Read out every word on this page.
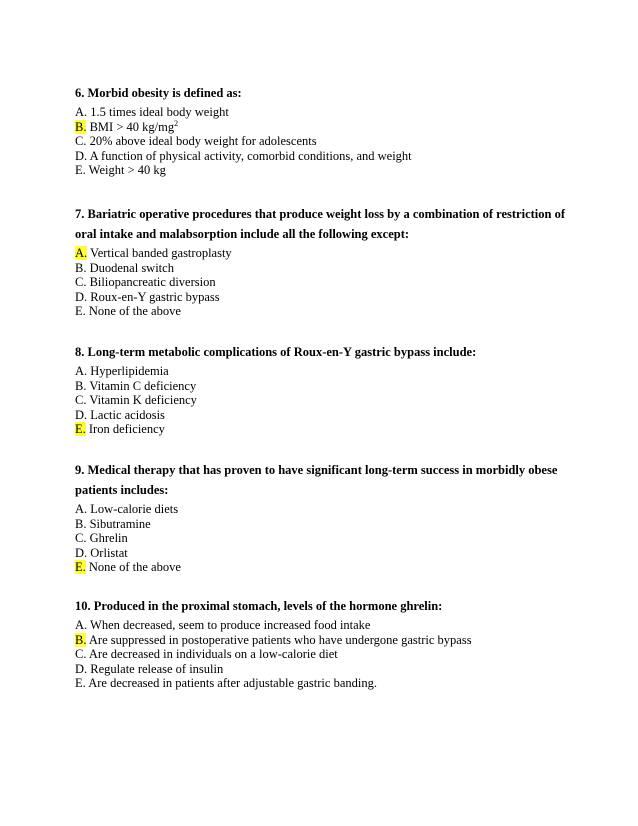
6. Morbid obesity is defined as:

A. 1.5 times ideal body weight
B. BMI > 40 $kg/mg^2$
C. 20% above ideal body weight for adolescents
D. A function of physical activity, comorbid conditions, and weight
E. Weight > 40 kg

7. Bariatric operative procedures that produce weight loss by a combination of restriction of oral intake and malabsorption include all the following except:

A. Vertical banded gastroplasty
B. Duodenal switch
C. Biliopancreatic diversion
D. Roux-en-Y gastric bypass
E. None of the above

8. Long-term metabolic complications of Roux-en-Y gastric bypass include:

A. Hyperlipidemia
B. Vitamin C deficiency
C. Vitamin K deficiency
D. Lactic acidosis
E. Iron deficiency

9. Medical therapy that has proven to have significant long-term success in morbidly obese patients includes:

A. Low-calorie diets
B. Sibutramine
C. Ghrelin
D. Orlistat
E. None of the above

10. Produced in the proximal stomach, levels of the hormone ghrelin:

A. When decreased, seem to produce increased food intake
B. Are suppressed in postoperative patients who have undergone gastric bypass
C. Are decreased in individuals on a low-calorie diet
D. Regulate release of insulin
E. Are decreased in patients after adjustable gastric banding.
